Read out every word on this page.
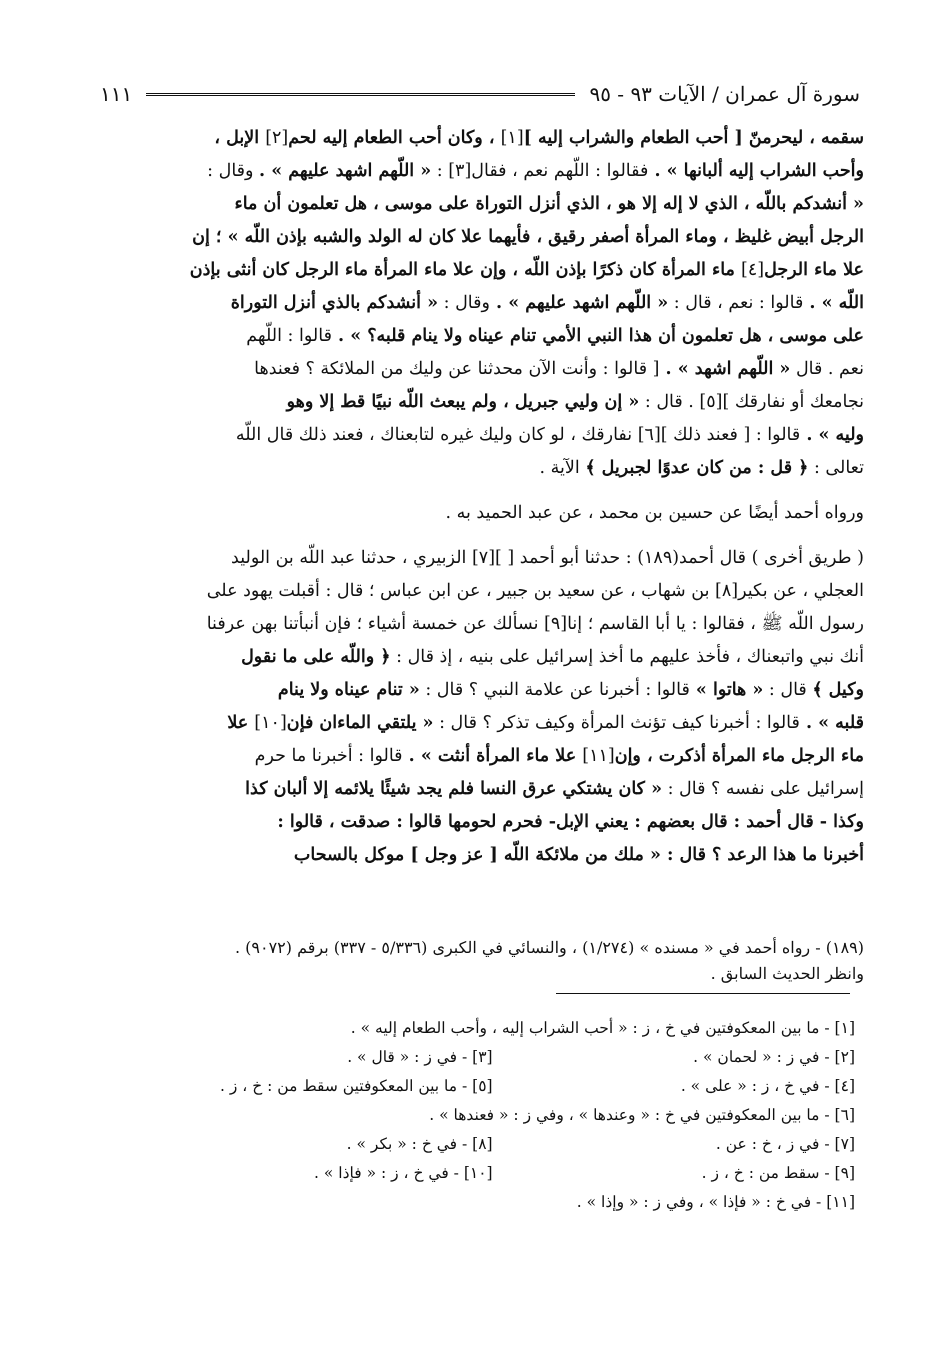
سورة آل عمران / الآيات ٩٣ - ٩٥
١١١
سقمه ، ليحرمنّ [ أحب الطعام والشراب إليه ][١] ، وكان أحب الطعام إليه لحم[٢] الإبل ،
وأحب الشراب إليه ألبانها » . فقالوا : اللّهم نعم ، فقال[٣] : « اللّهم اشهد عليهم » . وقال :
« أنشدكم باللّه ، الذي لا إله إلا هو ، الذي أنزل التوراة على موسى ، هل تعلمون أن ماء
الرجل أبيض غليظ ، وماء المرأة أصفر رقيق ، فأيهما علا كان له الولد والشبه بإذن اللّه » ؛ إن
علا ماء الرجل[٤] ماء المرأة كان ذكرًا بإذن اللّه ، وإن علا ماء المرأة ماء الرجل كان أنثى بإذن
اللّه » . قالوا : نعم ، قال : « اللّهم اشهد عليهم » . وقال : « أنشدكم بالذي أنزل التوراة
على موسى ، هل تعلمون أن هذا النبي الأمي تنام عيناه ولا ينام قلبه؟ » . قالوا : اللّهم
نعم . قال « اللّهم اشهد » . [ قالوا : وأنت الآن محدثنا عن وليك من الملائكة ؟ فعندها
نجامعك أو نفارقك ][٥] . قال : « إن وليي جبريل ، ولم يبعث اللّه نبيًا قط إلا وهو
وليه » . قالوا : [ فعند ذلك ][٦] نفارقك ، لو كان وليك غيره لتابعناك ، فعند ذلك قال اللّه
تعالى : ﴿ قل : من كان عدوًا لجبريل ﴾ الآية .
ورواه أحمد أيضًا عن حسين بن محمد ، عن عبد الحميد به .
( طريق أخرى ) قال أحمد(١٨٩) : حدثنا أبو أحمد [ ][٧] الزبيري ، حدثنا عبد اللّه بن الوليد
العجلي ، عن بكير[٨] بن شهاب ، عن سعيد بن جبير ، عن ابن عباس ؛ قال : أقبلت يهود على
رسول اللّه ﷺ ، فقالوا : يا أبا القاسم ؛ إنا[٩] نسألك عن خمسة أشياء ؛ فإن أنبأتنا بهن عرفنا
أنك نبي واتبعناك ، فأخذ عليهم ما أخذ إسرائيل على بنيه ، إذ قال : ﴿ واللّه على ما نقول
وكيل ﴾ قال : « هاتوا » قالوا : أخبرنا عن علامة النبي ؟ قال : « تنام عيناه ولا ينام
قلبه » . قالوا : أخبرنا كيف تؤنث المرأة وكيف تذكر ؟ قال : « يلتقي الماءان فإن[١٠] علا
ماء الرجل ماء المرأة أذكرت ، وإن[١١] علا ماء المرأة أنثت » . قالوا : أخبرنا ما حرم
إسرائيل على نفسه ؟ قال : « كان يشتكي عرق النسا فلم يجد شيئًا يلائمه إلا ألبان كذا
وكذا - قال أحمد : قال بعضهم : يعني الإبل- فحرم لحومها قالوا : صدقت ، قالوا :
أخبرنا ما هذا الرعد ؟ قال : « ملك من ملائكة اللّه [ عز وجل ] موكل بالسحاب
(١٨٩) - رواه أحمد في « مسنده » (١/٢٧٤) ، والنسائي في الكبرى (٥/٣٣٦ - ٣٣٧) برقم (٩٠٧٢) .
وانظر الحديث السابق .
[١] - ما بين المعكوفتين في خ ، ز : « أحب الشراب إليه ، وأحب الطعام إليه » .
[٢] - في ز : « لحمان » .
[٣] - في ز : « قال » .
[٤] - في خ ، ز : « على » .
[٥] - ما بين المعكوفتين سقط من : خ ، ز .
[٦] - ما بين المعكوفتين في خ : « وعندها » ، وفي ز : « فعندها » .
[٧] - في ز ، خ : عن .
[٨] - في خ : « بكر » .
[٩] - سقط من : خ ، ز .
[١٠] - في خ ، ز : « فإذا » .
[١١] - في خ : « فإذا » ، وفي ز : « وإذا » .
